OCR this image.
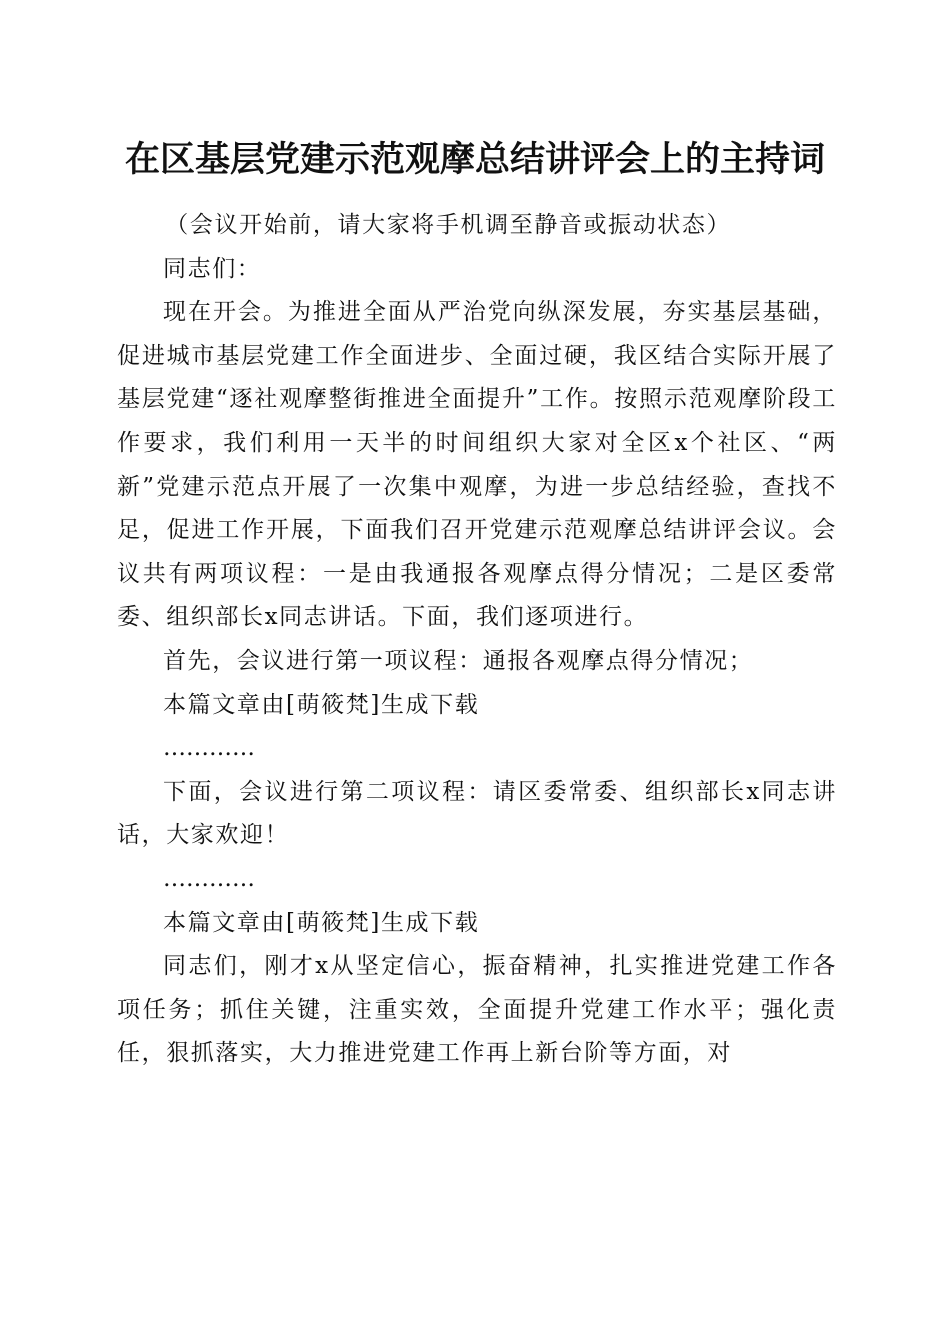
在区基层党建示范观摩总结讲评会上的主持词

（会议开始前，请大家将手机调至静音或振动状态）

同志们：

现在开会。为推进全面从严治党向纵深发展，夯实基层基础，促进城市基层党建工作全面进步、全面过硬，我区结合实际开展了基层党建“逐社观摩整街推进全面提升”工作。按照示范观摩阶段工作要求，我们利用一天半的时间组织大家对全区x个社区、“两新”党建示范点开展了一次集中观摩，为进一步总结经验，查找不足，促进工作开展，下面我们召开党建示范观摩总结讲评会议。会议共有两项议程：一是由我通报各观摩点得分情况；二是区委常委、组织部长x同志讲话。下面，我们逐项进行。

首先，会议进行第一项议程：通报各观摩点得分情况；

本篇文章由[萌筱梵]生成下载

…………

下面，会议进行第二项议程：请区委常委、组织部长x同志讲话，大家欢迎！

…………

本篇文章由[萌筱梵]生成下载

同志们，刚才x从坚定信心，振奋精神，扎实推进党建工作各项任务；抓住关键，注重实效，全面提升党建工作水平；强化责任，狠抓落实，大力推进党建工作再上新台阶等方面，对
